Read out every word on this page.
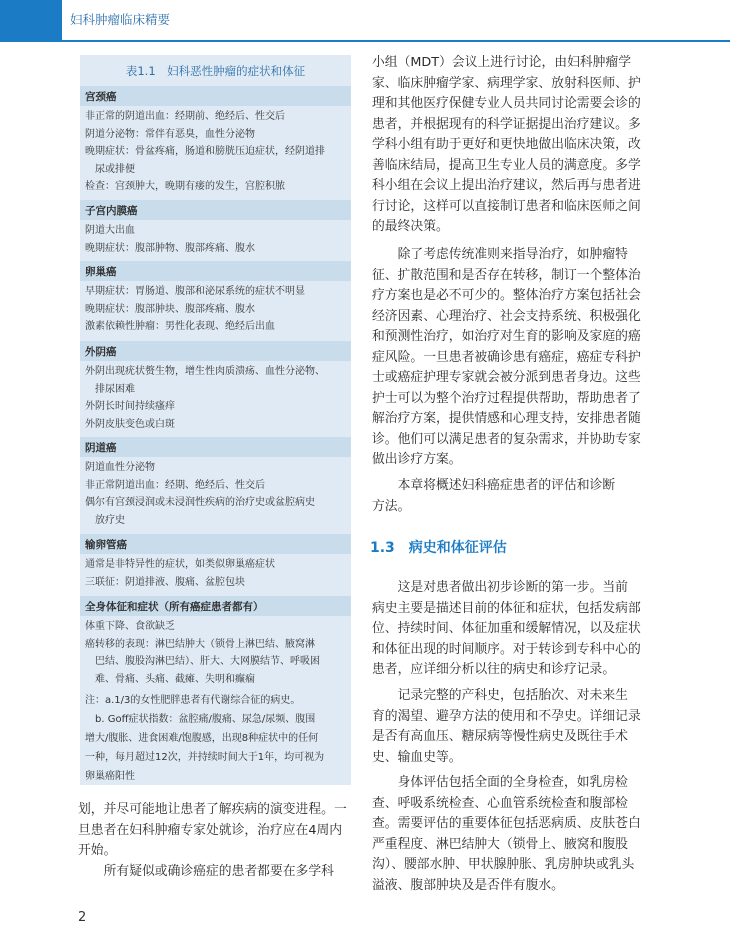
妇科肿瘤临床精要
表1.1　妇科恶性肿瘤的症状和体征
宫颈癌
非正常的阴道出血：经期前、绝经后、性交后
阴道分泌物：常伴有恶臭，血性分泌物
晚期症状：骨盆疼痛，肠道和膀胱压迫症状，经阴道排
　尿或排便
检查：宫颈肿大，晚期有瘘的发生，宫腔积脓
子宫内膜癌
阴道大出血
晚期症状：腹部肿物、腹部疼痛、腹水
卵巢癌
早期症状：胃肠道、腹部和泌尿系统的症状不明显
晚期症状：腹部肿块、腹部疼痛、腹水
激素依赖性肿瘤：男性化表现、绝经后出血
外阴癌
外阴出现疣状赘生物，增生性肉质溃疡、血性分泌物、
　排尿困难
外阴长时间持续瘙痒
外阴皮肤变色或白斑
阴道癌
阴道血性分泌物
非正常阴道出血：经期、绝经后、性交后
偶尔有宫颈浸润或未浸润性疾病的治疗史或盆腔病史
　放疗史
输卵管癌
通常是非特异性的症状，如类似卵巢癌症状
三联征：阴道排液、腹痛、盆腔包块
全身体征和症状（所有癌症患者都有）
体重下降、食欲缺乏
癌转移的表现：淋巴结肿大（锁骨上淋巴结、腋窝淋
　巴结、腹股沟淋巴结）、肝大、大网膜结节、呼吸困
　难、骨痛、头痛、截瘫、失明和癫痫
注：a.1/3的女性肥胖患者有代谢综合征的病史。
　b. Goff症状指数：盆腔痛/腹痛、尿急/尿频、腹围
增大/腹胀、进食困难/饱腹感，出现8种症状中的任何
一种，每月超过12次，并持续时间大于1年，均可视为
卵巢癌阳性
划，并尽可能地让患者了解疾病的演变进程。一
旦患者在妇科肿瘤专家处就诊，治疗应在4周内
开始。
　　所有疑似或确诊癌症的患者都要在多学科
小组（MDT）会议上进行讨论，由妇科肿瘤学
家、临床肿瘤学家、病理学家、放射科医师、护
理和其他医疗保健专业人员共同讨论需要会诊的
患者，并根据现有的科学证据提出治疗建议。多
学科小组有助于更好和更快地做出临床决策，改
善临床结局，提高卫生专业人员的满意度。多学
科小组在会议上提出治疗建议，然后再与患者进
行讨论，这样可以直接制订患者和临床医师之间
的最终决策。
　　除了考虑传统准则来指导治疗，如肿瘤特
征、扩散范围和是否存在转移，制订一个整体治
疗方案也是必不可少的。整体治疗方案包括社会
经济因素、心理治疗、社会支持系统、积极强化
和预测性治疗，如治疗对生育的影响及家庭的癌
症风险。一旦患者被确诊患有癌症，癌症专科护
士或癌症护理专家就会被分派到患者身边。这些
护士可以为整个治疗过程提供帮助，帮助患者了
解治疗方案，提供情感和心理支持，安排患者随
诊。他们可以满足患者的复杂需求，并协助专家
做出诊疗方案。
　　本章将概述妇科癌症患者的评估和诊断
方法。
1.3　病史和体征评估
　　这是对患者做出初步诊断的第一步。当前
病史主要是描述目前的体征和症状，包括发病部
位、持续时间、体征加重和缓解情况，以及症状
和体征出现的时间顺序。对于转诊到专科中心的
患者，应详细分析以往的病史和诊疗记录。
　　记录完整的产科史，包括胎次、对未来生
育的渴望、避孕方法的使用和不孕史。详细记录
是否有高血压、糖尿病等慢性病史及既往手术
史、输血史等。
　　身体评估包括全面的全身检查，如乳房检
查、呼吸系统检查、心血管系统检查和腹部检
查。需要评估的重要体征包括恶病质、皮肤苍白
严重程度、淋巴结肿大（锁骨上、腋窝和腹股
沟）、腰部水肿、甲状腺肿胀、乳房肿块或乳头
溢液、腹部肿块及是否伴有腹水。
2
